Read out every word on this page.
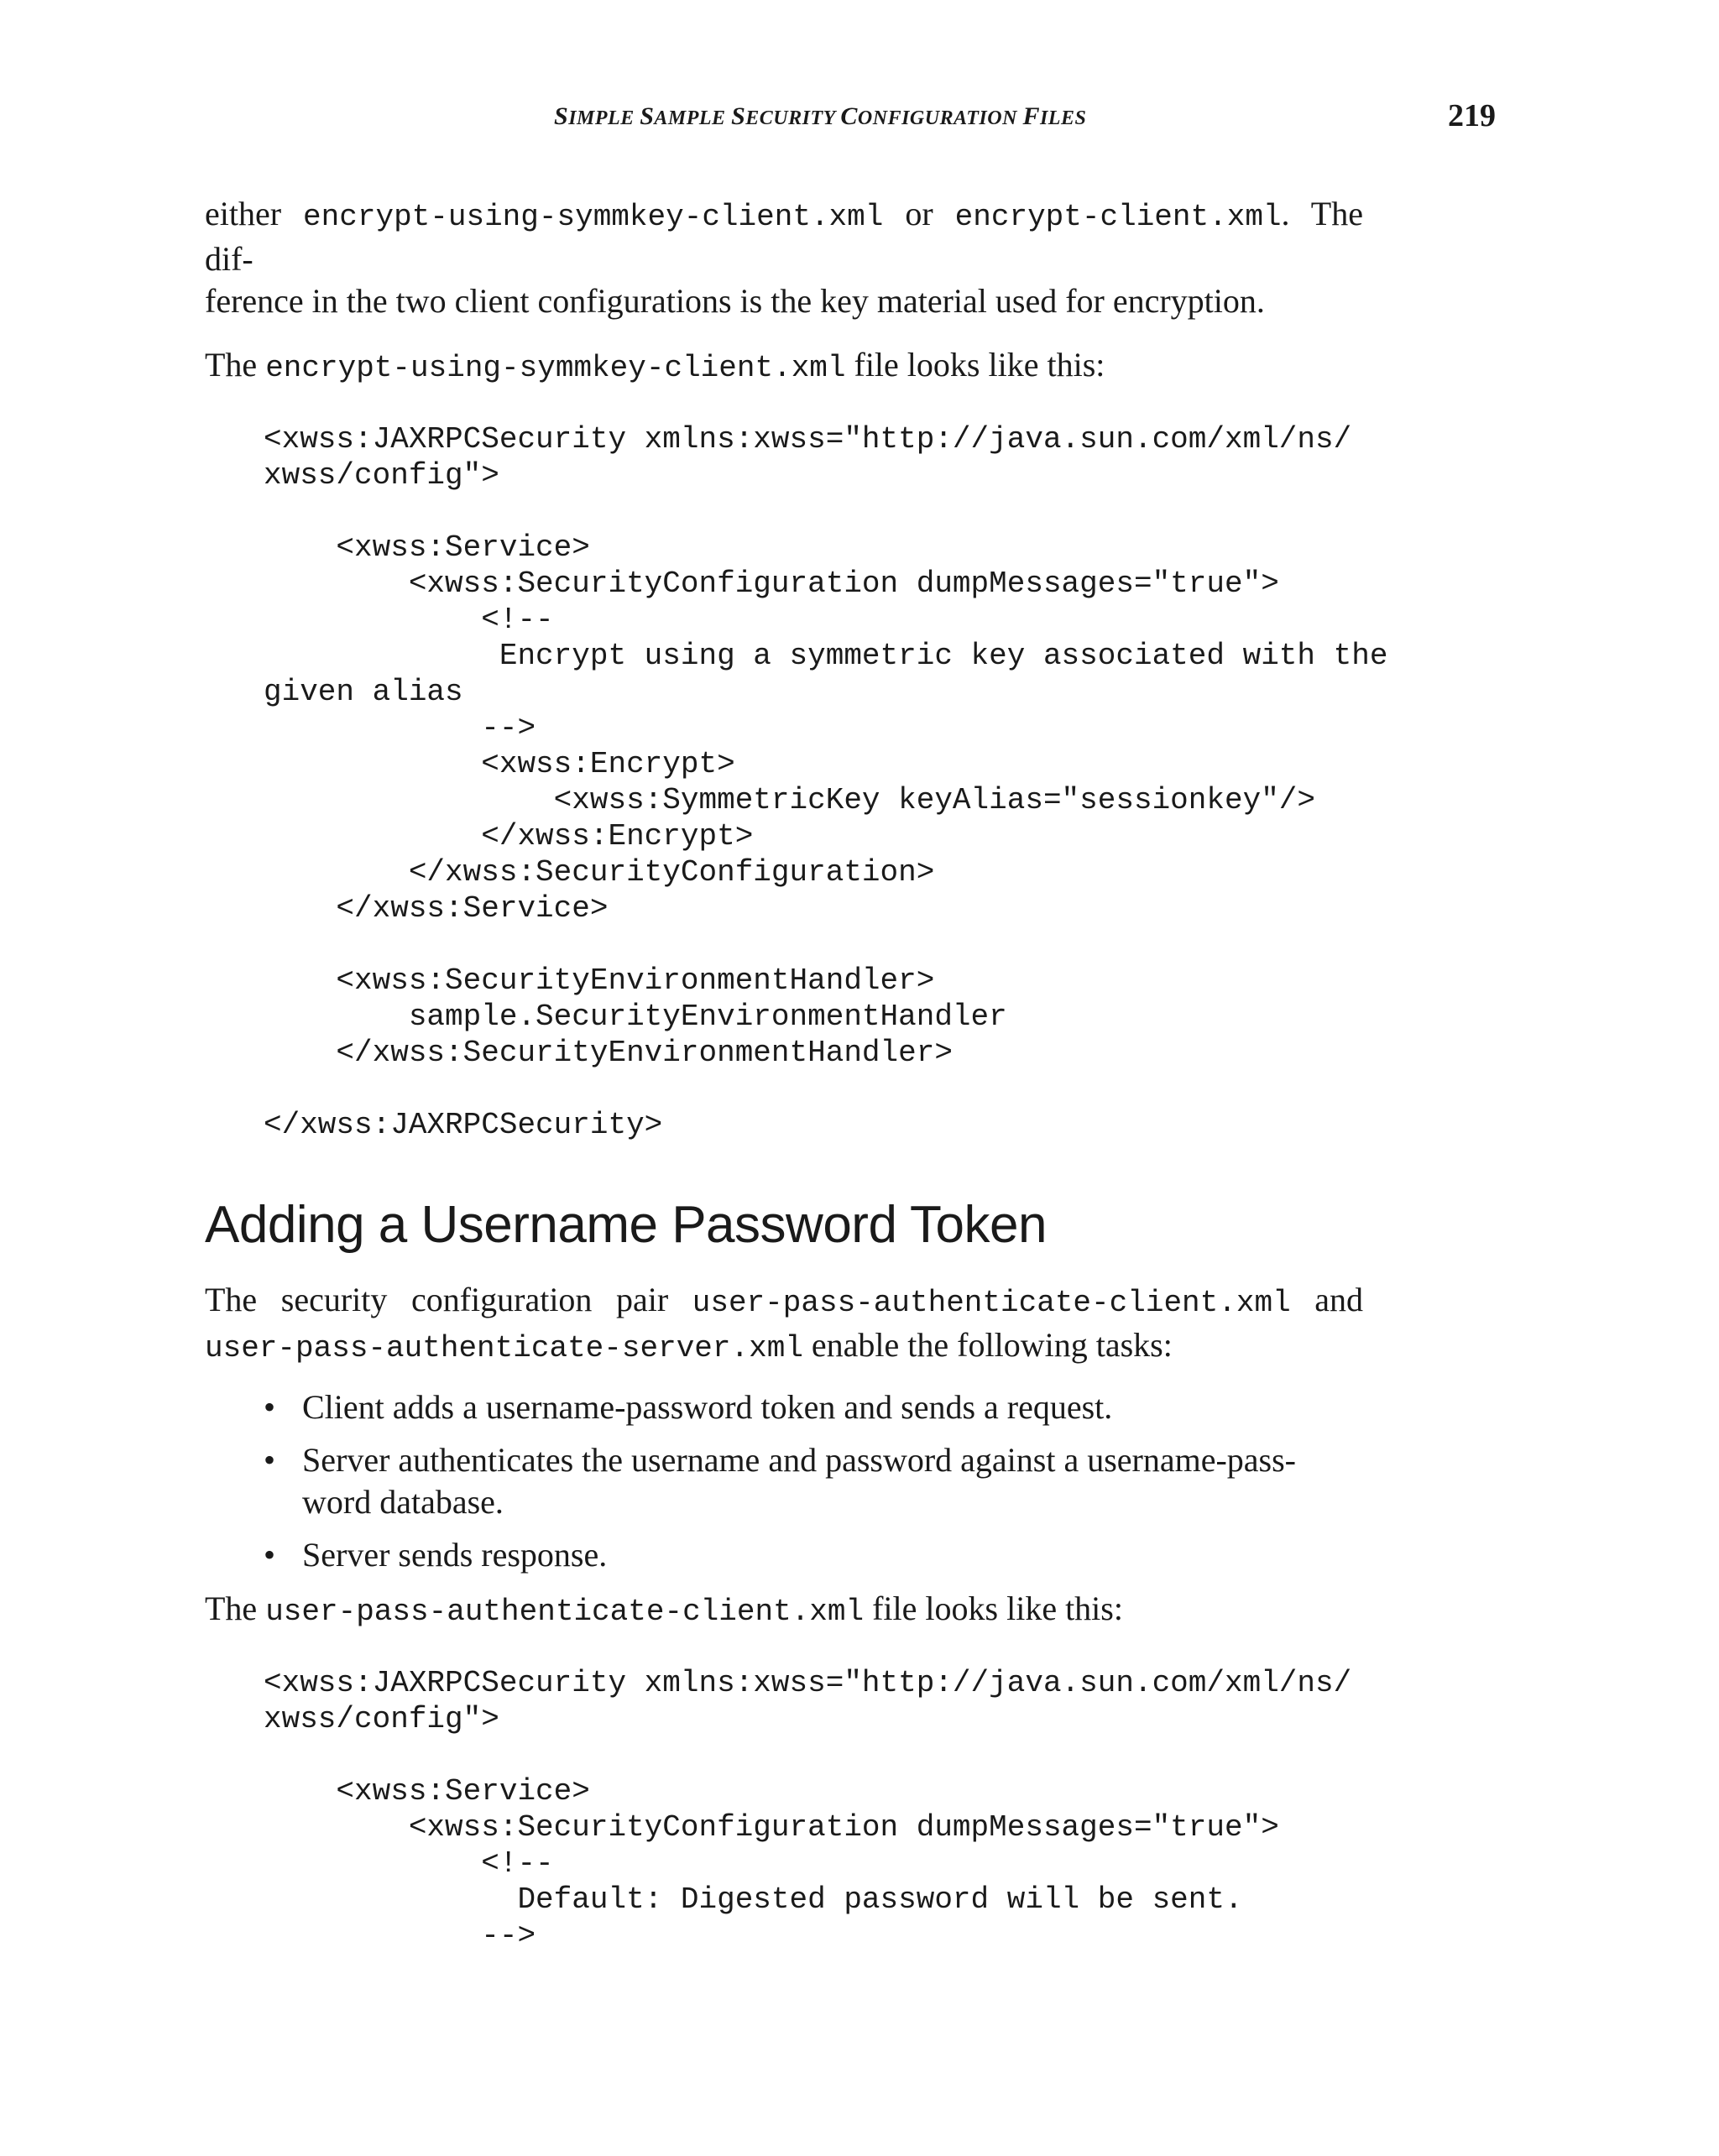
SIMPLE SAMPLE SECURITY CONFIGURATION FILES	219

either encrypt-using-symmkey-client.xml or encrypt-client.xml. The dif-

ference in the two client configurations is the key material used for encryption.

The encrypt-using-symmkey-client.xml file looks like this:

<xwss:JAXRPCSecurity xmlns:xwss="http://java.sun.com/xml/ns/
xwss/config">

<xwss:Service>
<xwss:SecurityConfiguration dumpMessages="true">
<!--
Encrypt using a symmetric key associated with the
given alias
-->
<xwss:Encrypt>
<xwss:SymmetricKey keyAlias="sessionkey"/>
</xwss:Encrypt>
</xwss:SecurityConfiguration>
</xwss:Service>

<xwss:SecurityEnvironmentHandler>
sample.SecurityEnvironmentHandler
</xwss:SecurityEnvironmentHandler>

</xwss:JAXRPCSecurity>
Adding a Username Password Token

The security configuration pair user-pass-authenticate-client.xml and

user-pass-authenticate-server.xml enable the following tasks:

• Client adds a username-password token and sends a request.
• Server authenticates the username and password against a username-pass-word database.
• Server sends response.

The user-pass-authenticate-client.xml file looks like this:

<xwss:JAXRPCSecurity xmlns:xwss="http://java.sun.com/xml/ns/
xwss/config">

<xwss:Service>
<xwss:SecurityConfiguration dumpMessages="true">
<!--
Default: Digested password will be sent.
-->
